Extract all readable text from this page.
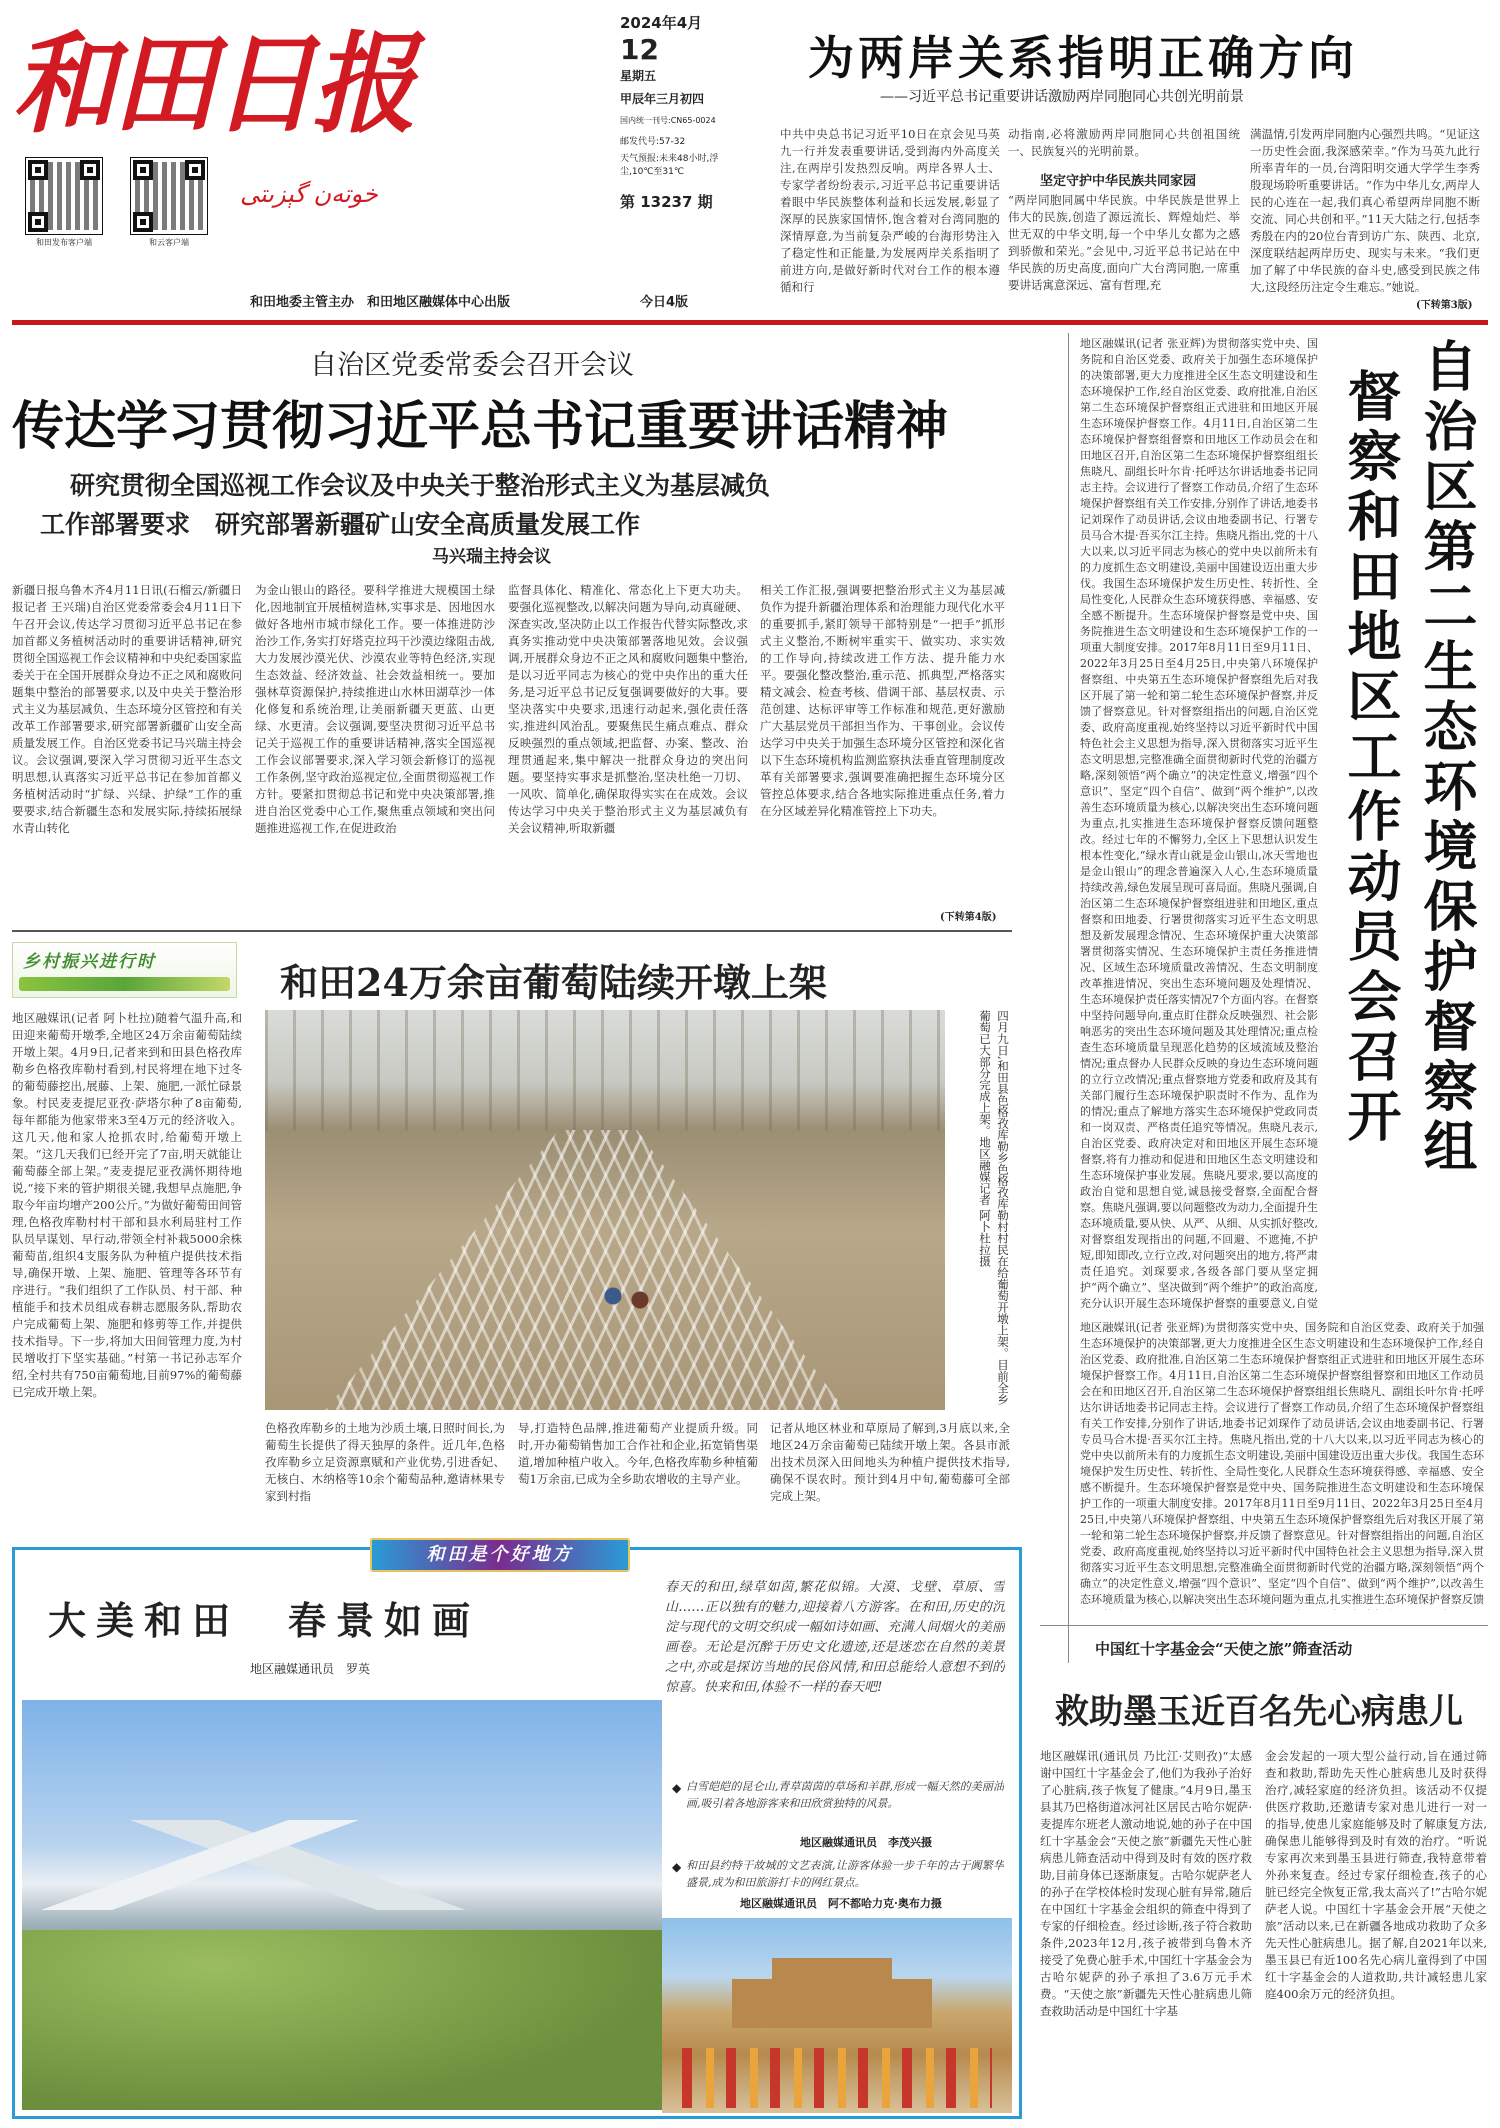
和田日报
خوتەن گېزىتى
和田发布客户端	和云客户端
2024年4月
12
星期五
甲辰年三月初四
国内统一刊号:CN65-0024
邮发代号:57-32
天气预报:未来48小时,浮尘,10℃至31℃
第 13237 期
和田地委主管主办　和田地区融媒体中心出版	今日4版
为两岸关系指明正确方向
——习近平总书记重要讲话激励两岸同胞同心共创光明前景
中共中央总书记习近平10日在京会见马英九一行并发表重要讲话,受到海内外高度关注,在两岸引发热烈反响。两岸各界人士、专家学者纷纷表示,习近平总书记重要讲话着眼中华民族整体利益和长远发展,彰显了深厚的民族家国情怀,饱含着对台湾同胞的深情厚意,为当前复杂严峻的台海形势注入了稳定性和正能量,为发展两岸关系指明了前进方向,是做好新时代对台工作的根本遵循和行
动指南,必将激励两岸同胞同心共创祖国统一、民族复兴的光明前景。
坚定守护中华民族共同家园
“两岸同胞同属中华民族。中华民族是世界上伟大的民族,创造了源远流长、辉煌灿烂、举世无双的中华文明,每一个中华儿女都为之感到骄傲和荣光。”会见中,习近平总书记站在中华民族的历史高度,面向广大台湾同胞,一席重要讲话寓意深远、富有哲理,充
满温情,引发两岸同胞内心强烈共鸣。“见证这一历史性会面,我深感荣幸。”作为马英九此行所率青年的一员,台湾阳明交通大学学生李秀殷现场聆听重要讲话。“作为中华儿女,两岸人民的心连在一起,我们真心希望两岸同胞不断交流、同心共创和平。”11天大陆之行,包括李秀殷在内的20位台青到访广东、陕西、北京,深度联结起两岸历史、现实与未来。“我们更加了解了中华民族的奋斗史,感受到民族之伟大,这段经历注定令生难忘。”她说。
(下转第3版)
自治区党委常委会召开会议
传达学习贯彻习近平总书记重要讲话精神
研究贯彻全国巡视工作会议及中央关于整治形式主义为基层减负
工作部署要求　研究部署新疆矿山安全高质量发展工作
马兴瑞主持会议
新疆日报乌鲁木齐4月11日讯(石榴云/新疆日报记者 王兴瑞)自治区党委常委会4月11日下午召开会议,传达学习贯彻习近平总书记在参加首都义务植树活动时的重要讲话精神,研究贯彻全国巡视工作会议精神和中央纪委国家监委关于在全国开展群众身边不正之风和腐败问题集中整治的部署要求,以及中央关于整治形式主义为基层减负、生态环境分区管控和有关改革工作部署要求,研究部署新疆矿山安全高质量发展工作。自治区党委书记马兴瑞主持会议。会议强调,要深入学习贯彻习近平生态文明思想,认真落实习近平总书记在参加首都义务植树活动时“扩绿、兴绿、护绿”工作的重要要求,结合新疆生态和发展实际,持续拓展绿水青山转化
为金山银山的路径。要科学推进大规模国土绿化,因地制宜开展植树造林,实事求是、因地因水做好各地州市城市绿化工作。要一体推进防沙治沙工作,务实打好塔克拉玛干沙漠边缘阻击战,大力发展沙漠光伏、沙漠农业等特色经济,实现生态效益、经济效益、社会效益相统一。要加强林草资源保护,持续推进山水林田湖草沙一体化修复和系统治理,让美丽新疆天更蓝、山更绿、水更清。会议强调,要坚决贯彻习近平总书记关于巡视工作的重要讲话精神,落实全国巡视工作会议部署要求,深入学习领会新修订的巡视工作条例,坚守政治巡视定位,全面贯彻巡视工作方针。要紧扣贯彻总书记和党中央决策部署,推进自治区党委中心工作,聚焦重点领域和突出问题推进巡视工作,在促进政治
监督具体化、精准化、常态化上下更大功夫。要强化巡视整改,以解决问题为导向,动真碰硬、深查实改,坚决防止以工作报告代替实际整改,求真务实推动党中央决策部署落地见效。会议强调,开展群众身边不正之风和腐败问题集中整治,是以习近平同志为核心的党中央作出的重大任务,是习近平总书记反复强调要做好的大事。要坚决落实中央要求,迅速行动起来,强化责任落实,推进纠风治乱。要聚焦民生痛点难点、群众反映强烈的重点领域,把监督、办案、整改、治理贯通起来,集中解决一批群众身边的突出问题。要坚持实事求是抓整治,坚决杜绝一刀切、一风吹、简单化,确保取得实实在在成效。会议传达学习中央关于整治形式主义为基层减负有关会议精神,听取新疆
相关工作汇报,强调要把整治形式主义为基层减负作为提升新疆治理体系和治理能力现代化水平的重要抓手,紧盯领导干部特别是“一把手”抓形式主义整治,不断树牢重实干、做实功、求实效的工作导向,持续改进工作方法、提升能力水平。要强化整改整治,重示范、抓典型,严格落实精文减会、检查考核、借调干部、基层权责、示范创建、达标评审等工作标准和规范,更好激励广大基层党员干部担当作为、干事创业。会议传达学习中央关于加强生态环境分区管控和深化省以下生态环境机构监测监察执法垂直管理制度改革有关部署要求,强调要准确把握生态环境分区管控总体要求,结合各地实际推进重点任务,着力在分区域差异化精准管控上下功夫。
(下转第4版)	自治区第二生态环境保护督察组
督察和田地区工作动员会召开
地区融媒讯(记者 张亚辉)为贯彻落实党中央、国务院和自治区党委、政府关于加强生态环境保护的决策部署,更大力度推进全区生态文明建设和生态环境保护工作,经自治区党委、政府批准,自治区第二生态环境保护督察组正式进驻和田地区开展生态环境保护督察工作。4月11日,自治区第二生态环境保护督察组督察和田地区工作动员会在和田地区召开,自治区第二生态环境保护督察组组长焦晓凡、副组长叶尔肯·托呼达尔讲话地委书记同志主持。会议进行了督察工作动员,介绍了生态环境保护督察组有关工作安排,分别作了讲话,地委书记刘琛作了动员讲话,会议由地委副书记、行署专员马合木提·吾买尔江主持。焦晓凡指出,党的十八大以来,以习近平同志为核心的党中央以前所未有的力度抓生态文明建设,美丽中国建设迈出重大步伐。我国生态环境保护发生历史性、转折性、全局性变化,人民群众生态环境获得感、幸福感、安全感不断提升。生态环境保护督察是党中央、国务院推进生态文明建设和生态环境保护工作的一项重大制度安排。2017年8月11日至9月11日、2022年3月25日至4月25日,中央第八环境保护督察组、中央第五生态环境保护督察组先后对我区开展了第一轮和第二轮生态环境保护督察,并反馈了督察意见。针对督察组指出的问题,自治区党委、政府高度重视,始终坚持以习近平新时代中国特色社会主义思想为指导,深入贯彻落实习近平生态文明思想,完整准确全面贯彻新时代党的治疆方略,深刻领悟“两个确立”的决定性意义,增强“四个意识”、坚定“四个自信”、做到“两个维护”,以改善生态环境质量为核心,以解决突出生态环境问题为重点,扎实推进生态环境保护督察反馈问题整改。经过七年的不懈努力,全区上下思想认识发生根本性变化,“绿水青山就是金山银山,冰天雪地也是金山银山”的理念普遍深入人心,生态环境质量持续改善,绿色发展呈现可喜局面。焦晓凡强调,自治区第二生态环境保护督察组进驻和田地区,重点督察和田地委、行署贯彻落实习近平生态文明思想及新发展理念情况、生态环境保护重大决策部署贯彻落实情况、生态环境保护主责任务推进情况、区域生态环境质量改善情况、生态文明制度改革推进情况、突出生态环境问题及处理情况、生态环境保护责任落实情况7个方面内容。在督察中坚持问题导向,重点盯住群众反映强烈、社会影响恶劣的突出生态环境问题及其处理情况;重点检查生态环境质量呈现恶化趋势的区域流域及整治情况;重点督办人民群众反映的身边生态环境问题的立行立改情况;重点督察地方党委和政府及其有关部门履行生态环境保护职责时不作为、乱作为的情况;重点了解地方落实生态环境保护党政同责和一岗双责、严格责任追究等情况。焦晓凡表示,自治区党委、政府决定对和田地区开展生态环境督察,将有力推动和促进和田地区生态文明建设和生态环境保护事业发展。焦晓凡要求,要以高度的政治自觉和思想自觉,诚恳接受督察,全面配合督察。焦晓凡强调,要以问题整改为动力,全面提升生态环境质量,要从快、从严、从细、从实抓好整改,对督察组发现指出的问题,不回避、不遮掩,不护短,即知即改,立行立改,对问题突出的地方,将严肃责任追究。刘琛要求,各级各部门要从坚定拥护“两个确立”、坚决做到“两个维护”的政治高度,充分认识开展生态环境保护督察的重要意义,自觉
地区融媒讯(记者 张亚辉)为贯彻落实党中央、国务院和自治区党委、政府关于加强生态环境保护的决策部署,更大力度推进全区生态文明建设和生态环境保护工作,经自治区党委、政府批准,自治区第二生态环境保护督察组正式进驻和田地区开展生态环境保护督察工作。4月11日,自治区第二生态环境保护督察组督察和田地区工作动员会在和田地区召开,自治区第二生态环境保护督察组组长焦晓凡、副组长叶尔肯·托呼达尔讲话地委书记同志主持。会议进行了督察工作动员,介绍了生态环境保护督察组有关工作安排,分别作了讲话,地委书记刘琛作了动员讲话,会议由地委副书记、行署专员马合木提·吾买尔江主持。焦晓凡指出,党的十八大以来,以习近平同志为核心的党中央以前所未有的力度抓生态文明建设,美丽中国建设迈出重大步伐。我国生态环境保护发生历史性、转折性、全局性变化,人民群众生态环境获得感、幸福感、安全感不断提升。生态环境保护督察是党中央、国务院推进生态文明建设和生态环境保护工作的一项重大制度安排。2017年8月11日至9月11日、2022年3月25日至4月25日,中央第八环境保护督察组、中央第五生态环境保护督察组先后对我区开展了第一轮和第二轮生态环境保护督察,并反馈了督察意见。针对督察组指出的问题,自治区党委、政府高度重视,始终坚持以习近平新时代中国特色社会主义思想为指导,深入贯彻落实习近平生态文明思想,完整准确全面贯彻新时代党的治疆方略,深刻领悟“两个确立”的决定性意义,增强“四个意识”、坚定“四个自信”、做到“两个维护”,以改善生态环境质量为核心,以解决突出生态环境问题为重点,扎实推进生态环境保护督察反馈
乡村振兴进行时	和田24万余亩葡萄陆续开墩上架
地区融媒讯(记者 阿卜杜拉)随着气温升高,和田迎来葡萄开墩季,全地区24万余亩葡萄陆续开墩上架。4月9日,记者来到和田县色格孜库勒乡色格孜库勒村看到,村民将埋在地下过冬的葡萄藤挖出,展藤、上架、施肥,一派忙碌景象。村民麦麦提尼亚孜·萨塔尔种了8亩葡萄,每年都能为他家带来3至4万元的经济收入。这几天,他和家人抢抓农时,给葡萄开墩上架。“这几天我们已经开完了7亩,明天就能让葡萄藤全部上架。”麦麦提尼亚孜满怀期待地说,“接下来的管护期很关键,我想早点施肥,争取今年亩均增产200公斤。”为做好葡萄田间管理,色格孜库勒村村干部和县水利局驻村工作队员早谋划、早行动,带领全村补栽5000余株葡萄苗,组织4支服务队为种植户提供技术指导,确保开墩、上架、施肥、管理等各环节有序进行。“我们组织了工作队员、村干部、种植能手和技术员组成春耕志愿服务队,帮助农户完成葡萄上架、施肥和修剪等工作,并提供技术指导。下一步,将加大田间管理力度,为村民增收打下坚实基础。”村第一书记孙志军介绍,全村共有750亩葡萄地,目前97%的葡萄藤已完成开墩上架。	四月九日,和田县色格孜库勒乡色格孜库勒村村民在给葡萄开墩上架。目前全乡葡萄已大部分完成上架。地区融媒记者 阿卜杜拉摄
色格孜库勒乡的土地为沙质土壤,日照时间长,为葡萄生长提供了得天独厚的条件。近几年,色格孜库勒乡立足资源禀赋和产业优势,引进香妃、无核白、木纳格等10余个葡萄品种,邀请林果专家到村指
导,打造特色品牌,推进葡萄产业提质升级。同时,开办葡萄销售加工合作社和企业,拓宽销售渠道,增加种植户收入。今年,色格孜库勒乡种植葡萄1万余亩,已成为全乡助农增收的主导产业。
记者从地区林业和草原局了解到,3月底以来,全地区24万余亩葡萄已陆续开墩上架。各县市派出技术员深入田间地头为种植户提供技术指导,确保不误农时。预计到4月中旬,葡萄藤可全部完成上架。
和田是个好地方
大美和田　春景如画
地区融媒通讯员　罗英
春天的和田,绿草如茵,繁花似锦。大漠、戈壁、草原、雪山……正以独有的魅力,迎接着八方游客。在和田,历史的沉淀与现代的文明交织成一幅如诗如画、充满人间烟火的美丽画卷。无论是沉醉于历史文化遗迹,还是迷恋在自然的美景之中,亦或是探访当地的民俗风情,和田总能给人意想不到的惊喜。快来和田,体验不一样的春天吧!
◆ 白雪皑皑的昆仑山,青草茵茵的草场和羊群,形成一幅天然的美丽油画,吸引着各地游客来和田欣赏独特的风景。
地区融媒通讯员　李茂兴摄
◆ 和田县约特干故城的文艺表演,让游客体验一步千年的古于阗繁华盛景,成为和田旅游打卡的网红景点。
地区融媒通讯员　阿不都哈力克·奥布力摄
中国红十字基金会“天使之旅”筛查活动
救助墨玉近百名先心病患儿
地区融媒讯(通讯员 乃比江·艾则孜)“太感谢中国红十字基金会了,他们为我孙子治好了心脏病,孩子恢复了健康。”4月9日,墨玉县其乃巴格街道冰河社区居民古哈尔妮萨·麦提库尔班老人激动地说,她的孙子在中国红十字基金会“天使之旅”新疆先天性心脏病患儿筛查活动中得到及时有效的医疗救助,目前身体已逐渐康复。古哈尔妮萨老人的孙子在学校体检时发现心脏有异常,随后在中国红十字基金会组织的筛查中得到了专家的仔细检查。经过诊断,孩子符合救助条件,2023年12月,孩子被带到乌鲁木齐接受了免费心脏手术,中国红十字基金会为古哈尔妮萨的孙子承担了3.6万元手术费。“天使之旅”新疆先天性心脏病患儿筛查救助活动是中国红十字基
金会发起的一项大型公益行动,旨在通过筛查和救助,帮助先天性心脏病患儿及时获得治疗,减轻家庭的经济负担。该活动不仅提供医疗救助,还邀请专家对患儿进行一对一的指导,使患儿家庭能够及时了解康复方法,确保患儿能够得到及时有效的治疗。“听说专家再次来到墨玉县进行筛查,我特意带着外孙来复查。经过专家仔细检查,孩子的心脏已经完全恢复正常,我太高兴了!”古哈尔妮萨老人说。中国红十字基金会开展“天使之旅”活动以来,已在新疆各地成功救助了众多先天性心脏病患儿。据了解,自2021年以来,墨玉县已有近100名先心病儿童得到了中国红十字基金会的人道救助,共计减轻患儿家庭400余万元的经济负担。
